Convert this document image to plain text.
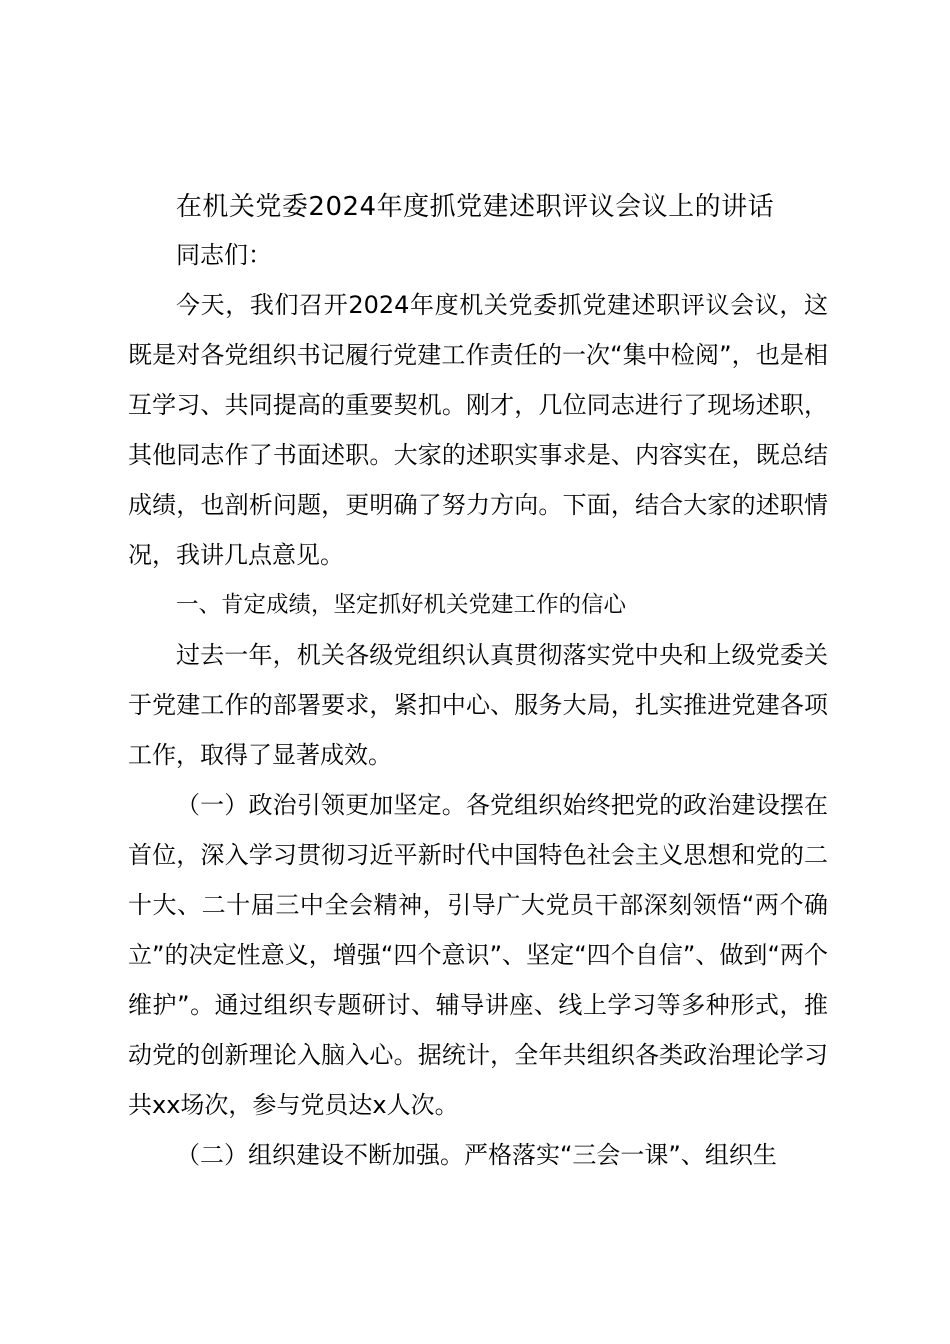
在机关党委2024年度抓党建述职评议会议上的讲话

同志们：

今天，我们召开2024年度机关党委抓党建述职评议会议，这既是对各党组织书记履行党建工作责任的一次“集中检阅”，也是相互学习、共同提高的重要契机。刚才，几位同志进行了现场述职，其他同志作了书面述职。大家的述职实事求是、内容实在，既总结成绩，也剖析问题，更明确了努力方向。下面，结合大家的述职情况，我讲几点意见。

一、肯定成绩，坚定抓好机关党建工作的信心

过去一年，机关各级党组织认真贯彻落实党中央和上级党委关于党建工作的部署要求，紧扣中心、服务大局，扎实推进党建各项工作，取得了显著成效。

（一）政治引领更加坚定。各党组织始终把党的政治建设摆在首位，深入学习贯彻习近平新时代中国特色社会主义思想和党的二十大、二十届三中全会精神，引导广大党员干部深刻领悟“两个确立”的决定性意义，增强“四个意识”、坚定“四个自信”、做到“两个维护”。通过组织专题研讨、辅导讲座、线上学习等多种形式，推动党的创新理论入脑入心。据统计，全年共组织各类政治理论学习共xx场次，参与党员达x人次。

（二）组织建设不断加强。严格落实“三会一课”、组织生
